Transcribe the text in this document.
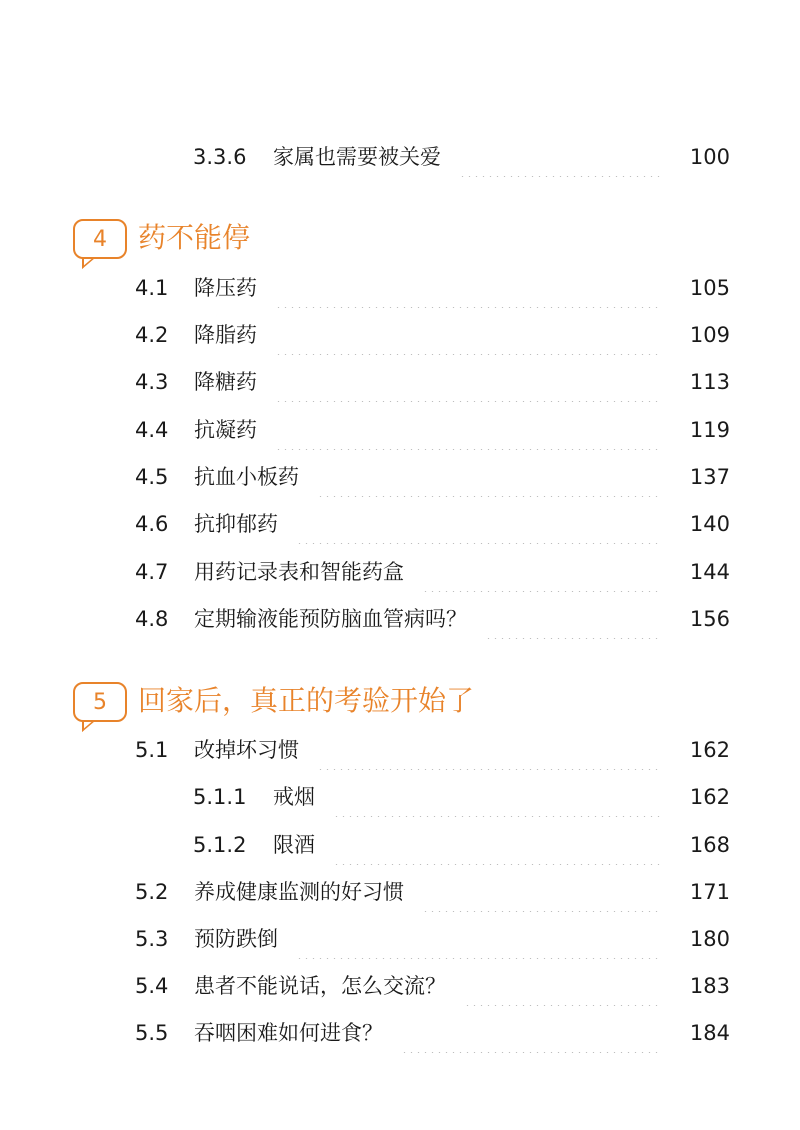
3.3.6 家属也需要被关爱	100
4 药不能停
4.1 降压药	105
4.2 降脂药	109
4.3 降糖药	113
4.4 抗凝药	119
4.5 抗血小板药	137
4.6 抗抑郁药	140
4.7 用药记录表和智能药盒	144
4.8 定期输液能预防脑血管病吗？	156
5 回家后，真正的考验开始了
5.1 改掉坏习惯	162
5.1.1 戒烟	162
5.1.2 限酒	168
5.2 养成健康监测的好习惯	171
5.3 预防跌倒	180
5.4 患者不能说话，怎么交流？	183
5.5 吞咽困难如何进食？	184
